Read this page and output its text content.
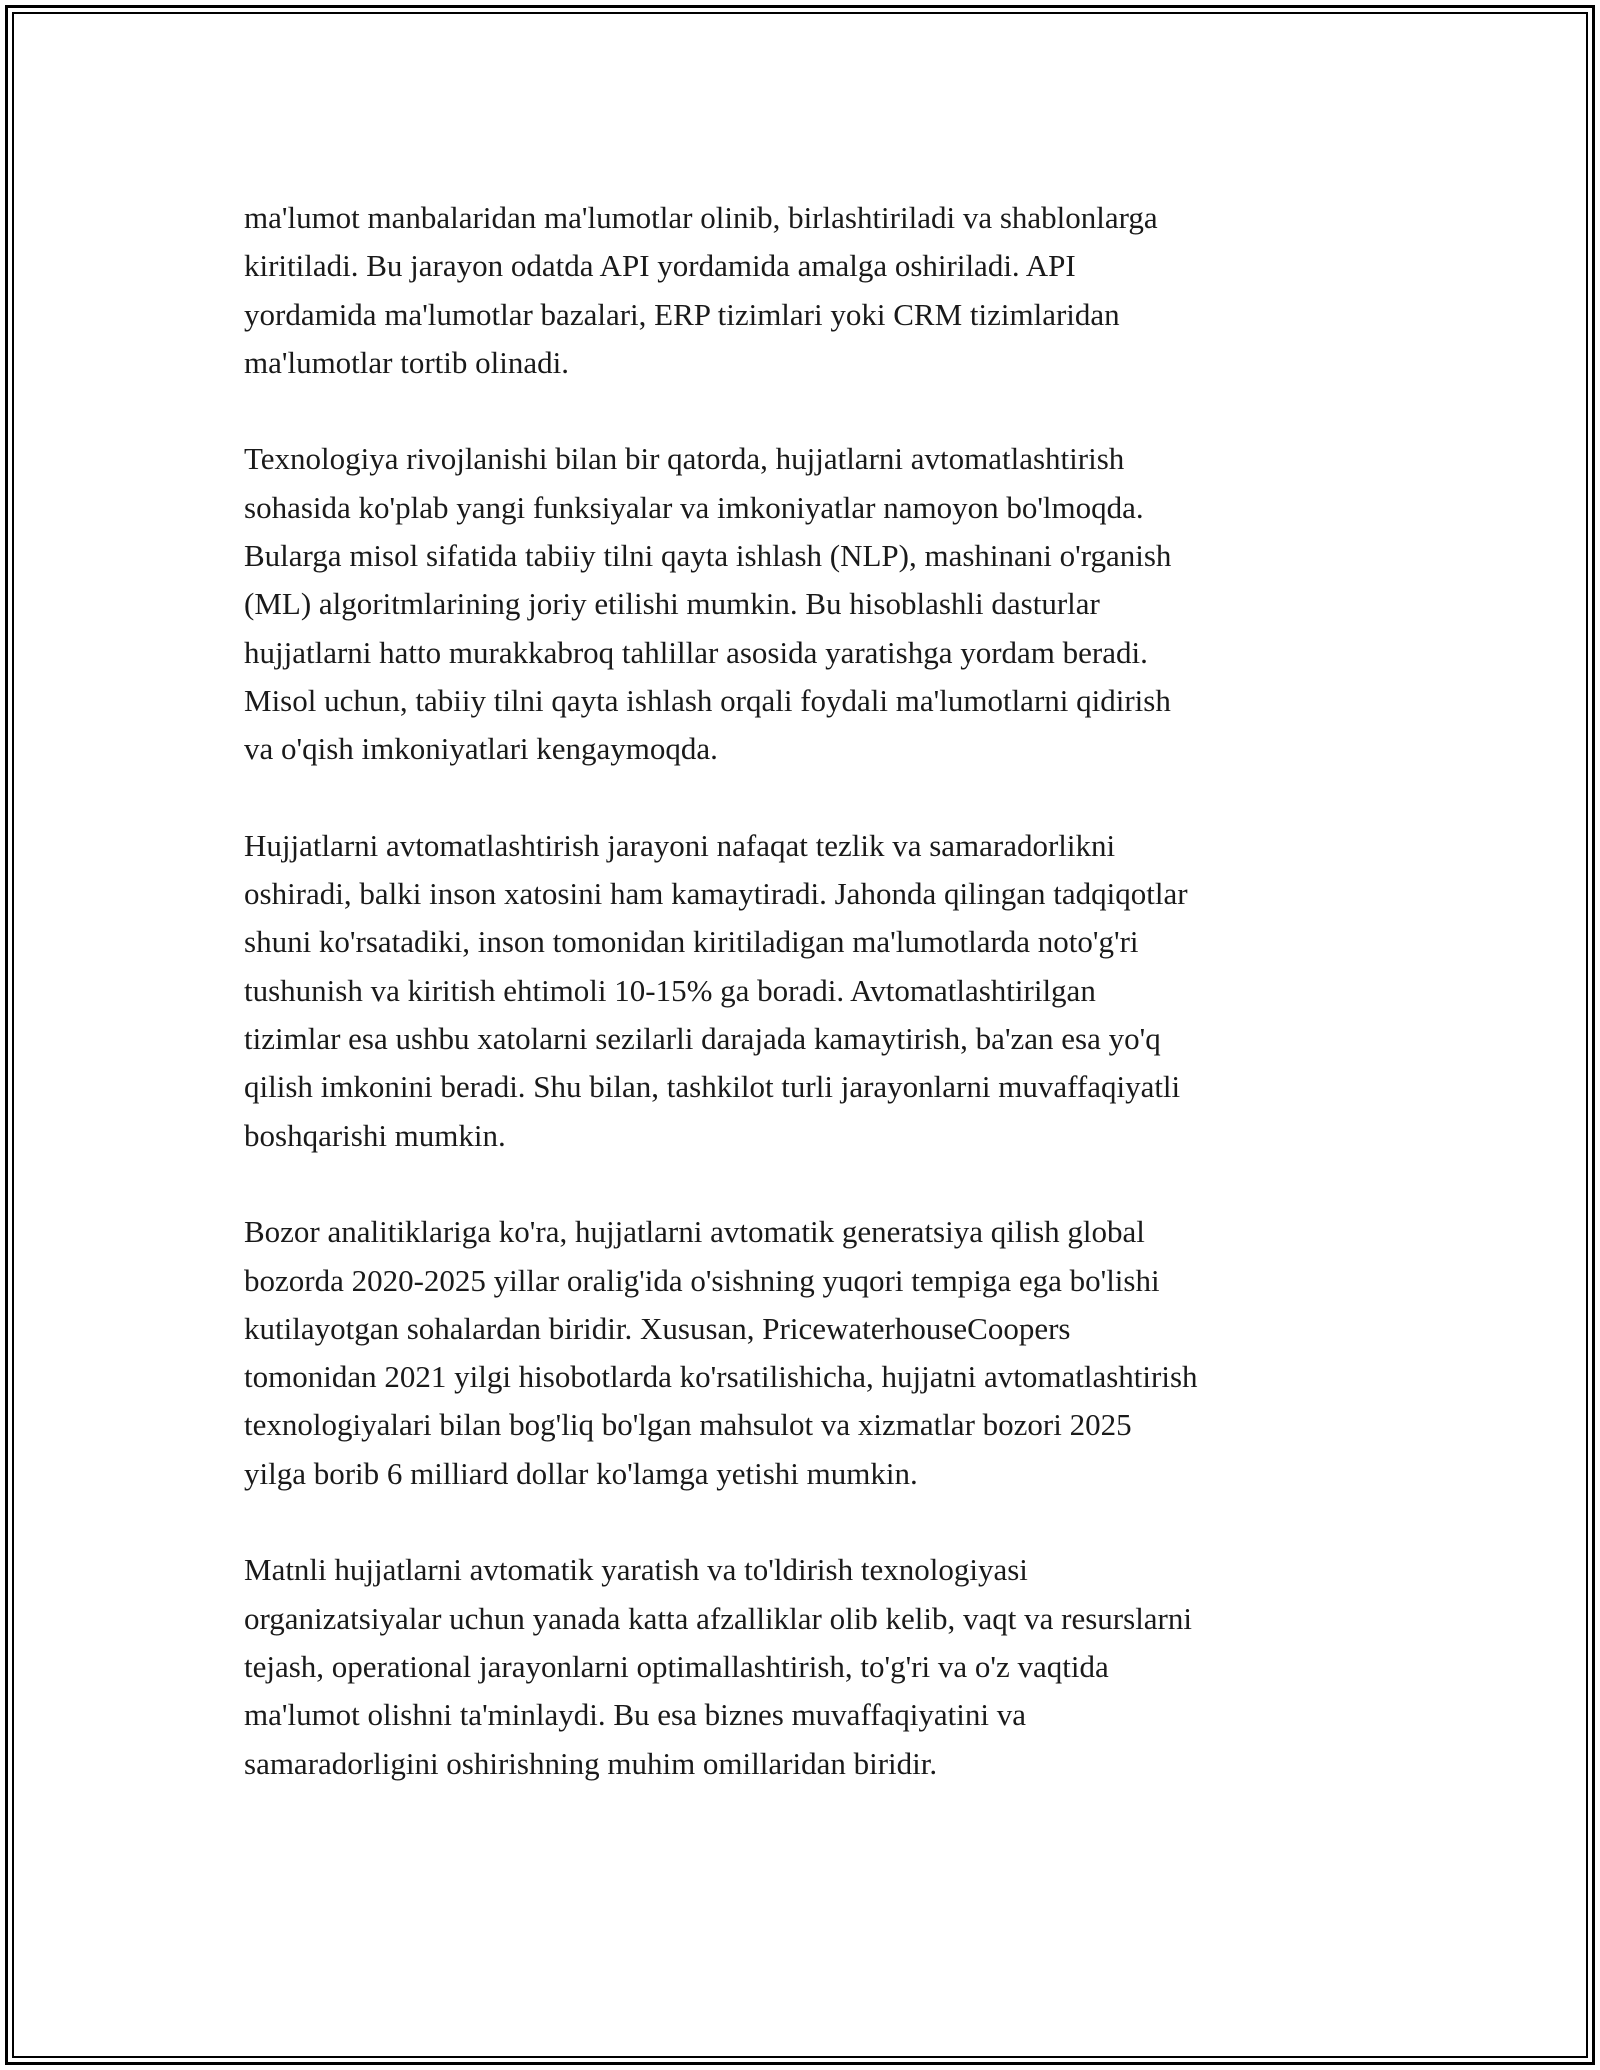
ma'lumot manbalaridan ma'lumotlar olinib, birlashtiriladi va shablonlarga
kiritiladi. Bu jarayon odatda API yordamida amalga oshiriladi. API
yordamida ma'lumotlar bazalari, ERP tizimlari yoki CRM tizimlaridan
ma'lumotlar tortib olinadi.

Texnologiya rivojlanishi bilan bir qatorda, hujjatlarni avtomatlashtirish
sohasida ko'plab yangi funksiyalar va imkoniyatlar namoyon bo'lmoqda.
Bularga misol sifatida tabiiy tilni qayta ishlash (NLP), mashinani o'rganish
(ML) algoritmlarining joriy etilishi mumkin. Bu hisoblashli dasturlar
hujjatlarni hatto murakkabroq tahlillar asosida yaratishga yordam beradi.
Misol uchun, tabiiy tilni qayta ishlash orqali foydali ma'lumotlarni qidirish
va o'qish imkoniyatlari kengaymoqda.

Hujjatlarni avtomatlashtirish jarayoni nafaqat tezlik va samaradorlikni
oshiradi, balki inson xatosini ham kamaytiradi. Jahonda qilingan tadqiqotlar
shuni ko'rsatadiki, inson tomonidan kiritiladigan ma'lumotlarda noto'g'ri
tushunish va kiritish ehtimoli 10-15% ga boradi. Avtomatlashtirilgan
tizimlar esa ushbu xatolarni sezilarli darajada kamaytirish, ba'zan esa yo'q
qilish imkonini beradi. Shu bilan, tashkilot turli jarayonlarni muvaffaqiyatli
boshqarishi mumkin.

Bozor analitiklariga ko'ra, hujjatlarni avtomatik generatsiya qilish global
bozorda 2020-2025 yillar oralig'ida o'sishning yuqori tempiga ega bo'lishi
kutilayotgan sohalardan biridir. Xususan, PricewaterhouseCoopers
tomonidan 2021 yilgi hisobotlarda ko'rsatilishicha, hujjatni avtomatlashtirish
texnologiyalari bilan bog'liq bo'lgan mahsulot va xizmatlar bozori 2025
yilga borib 6 milliard dollar ko'lamga yetishi mumkin.

Matnli hujjatlarni avtomatik yaratish va to'ldirish texnologiyasi
organizatsiyalar uchun yanada katta afzalliklar olib kelib, vaqt va resurslarni
tejash, operational jarayonlarni optimallashtirish, to'g'ri va o'z vaqtida
ma'lumot olishni ta'minlaydi. Bu esa biznes muvaffaqiyatini va
samaradorligini oshirishning muhim omillaridan biridir.
